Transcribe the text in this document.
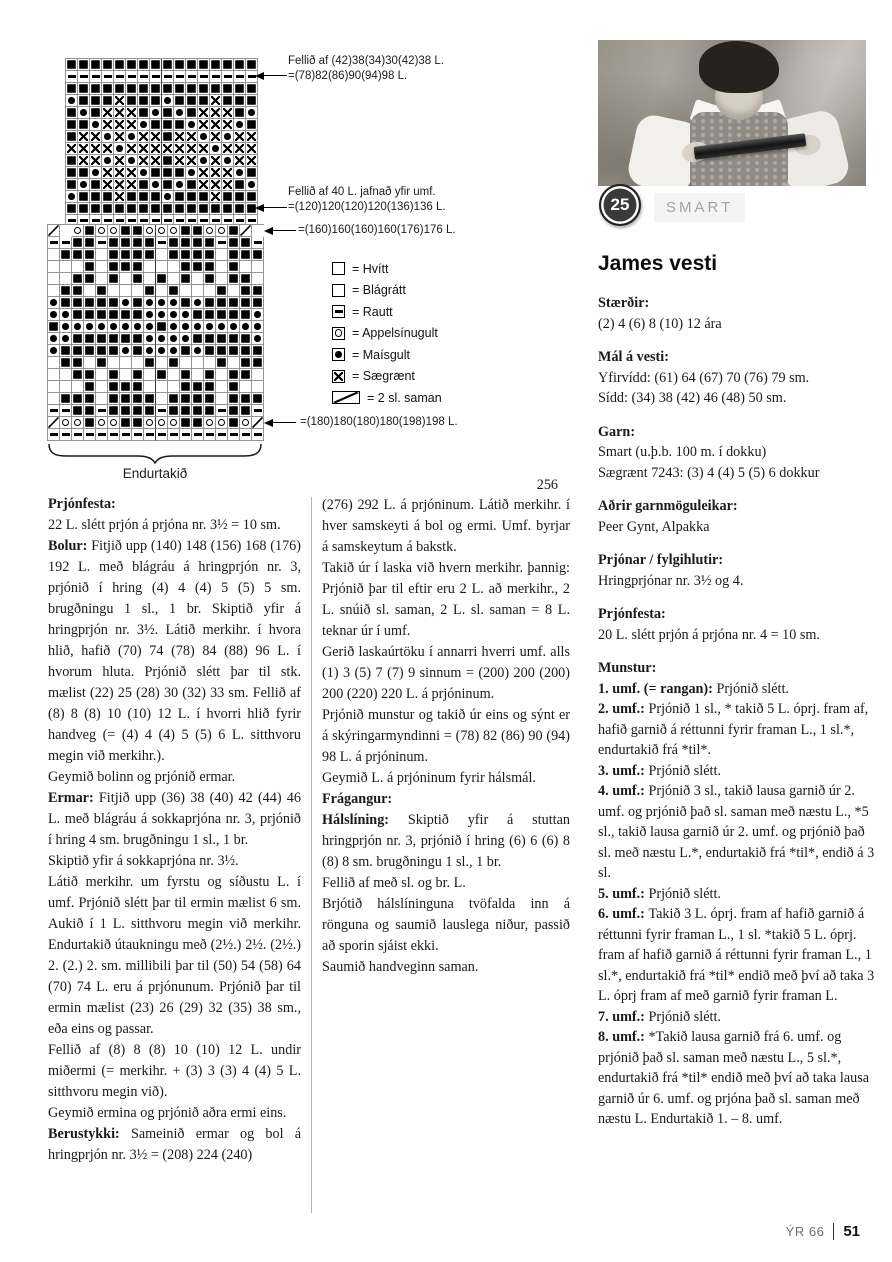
Fellið af (42)38(34)30(42)38 L.
=(78)82(86)90(94)98 L.
Fellið af 40 L. jafnað yfir umf.
=(120)120(120)120(136)136 L.
=(160)160(160)160(176)176 L.
=(180)180(180)180(198)198 L.
= Hvítt
= Blágrátt
= Rautt
= Appelsínugult
= Maísgult
= Sægrænt
= 2 sl. saman
Endurtakið
25 SMART
James vesti

Stærðir:

(2) 4 (6) 8 (10) 12 ára

Mál á vesti:

Yfirvídd: (61) 64 (67) 70 (76) 79 sm.

Sídd: (34) 38 (42) 46 (48) 50 sm.

Garn:

Smart (u.þ.b. 100 m. í dokku)

Sægrænt 7243: (3) 4 (4) 5 (5) 6 dokkur

Aðrir garnmöguleikar:

Peer Gynt, Alpakka

Prjónar / fylgihlutir:

Hringprjónar nr. 3½ og 4.

Prjónfesta:

20 L. slétt prjón á prjóna nr. 4 = 10 sm.

Munstur:

1. umf. (= rangan): Prjónið slétt.

2. umf.: Prjónið 1 sl., * takið 5 L. óprj. fram af, hafið garnið á réttunni fyrir framan L., 1 sl.*, endurtakið frá *til*.

3. umf.: Prjónið slétt.

4. umf.: Prjónið 3 sl., takið lausa garnið úr 2. umf. og prjónið það sl. saman með næstu L., *5 sl., takið lausa garnið úr 2. umf. og prjónið það sl. með næstu L.*, endurtakið frá *til*, endið á 3 sl.

5. umf.: Prjónið slétt.

6. umf.: Takið 3 L. óprj. fram af hafið garnið á réttunni fyrir framan L., 1 sl. *takið 5 L. óprj. fram af hafið garnið á réttunni fyrir framan L., 1 sl.*, endurtakið frá *til* endið með því að taka 3 L. óprj fram af með garnið fyrir framan L.

7. umf.: Prjónið slétt.

8. umf.: *Takið lausa garnið frá 6. umf. og prjónið það sl. saman með næstu L., 5 sl.*, endurtakið frá *til* endið með því að taka lausa garnið úr 6. umf. og prjóna það sl. saman með næstu L. Endurtakið 1. – 8. umf.

Prjónfesta:

22 L. slétt prjón á prjóna nr. 3½ = 10 sm.

Bolur: Fitjið upp (140) 148 (156) 168 (176) 192 L. með blágráu á hringprjón nr. 3, prjónið í hring (4) 4 (4) 5 (5) 5 sm. brugðningu 1 sl., 1 br. Skiptið yfir á hringprjón nr. 3½. Látið merkihr. í hvora hlið, hafið (70) 74 (78) 84 (88) 96 L. í hvorum hluta. Prjónið slétt þar til stk. mælist (22) 25 (28) 30 (32) 33 sm. Fellið af (8) 8 (8) 10 (10) 12 L. í hvorri hlið fyrir handveg (= (4) 4 (4) 5 (5) 6 L. sitthvoru megin við merkihr.).

Geymið bolinn og prjónið ermar.

Ermar: Fitjið upp (36) 38 (40) 42 (44) 46 L. með blágráu á sokkaprjóna nr. 3, prjónið í hring 4 sm. brugðningu 1 sl., 1 br.

Skiptið yfir á sokkaprjóna nr. 3½.

Látið merkihr. um fyrstu og síðustu L. í umf. Prjónið slétt þar til ermin mælist 6 sm. Aukið í 1 L. sitthvoru megin við merkihr. Endurtakið útaukningu með (2½.) 2½. (2½.) 2. (2.) 2. sm. millibili þar til (50) 54 (58) 64 (70) 74 L. eru á prjónunum. Prjónið þar til ermin mælist (23) 26 (29) 32 (35) 38 sm., eða eins og passar.

Fellið af (8) 8 (8) 10 (10) 12 L. undir miðermi (= merkihr. + (3) 3 (3) 4 (4) 5 L. sitthvoru megin við).

Geymið ermina og prjónið aðra ermi eins.

Berustykki: Sameinið ermar og bol á hringprjón nr. 3½ = (208) 224 (240)

256

(276) 292 L. á prjóninum. Látið merkihr. í hver samskeyti á bol og ermi. Umf. byrjar á samskeytum á bakstk.

Takið úr í laska við hvern merkihr. þannig: Prjónið þar til eftir eru 2 L. að merkihr., 2 L. snúið sl. saman, 2 L. sl. saman = 8 L. teknar úr í umf.

Gerið laskaúrtöku í annarri hverri umf. alls (1) 3 (5) 7 (7) 9 sinnum = (200) 200 (200) 200 (220) 220 L. á prjóninum.

Prjónið munstur og takið úr eins og sýnt er á skýringarmyndinni = (78) 82 (86) 90 (94) 98 L. á prjóninum.

Geymið L. á prjóninum fyrir hálsmál.

Frágangur:

Hálslíning: Skiptið yfir á stuttan hringprjón nr. 3, prjónið í hring (6) 6 (6) 8 (8) 8 sm. brugðningu 1 sl., 1 br.

Fellið af með sl. og br. L.

Brjótið hálslíninguna tvöfalda inn á rönguna og saumið lauslega niður, passið að sporin sjáist ekki.

Saumið handveginn saman.

ÝR 66 51
